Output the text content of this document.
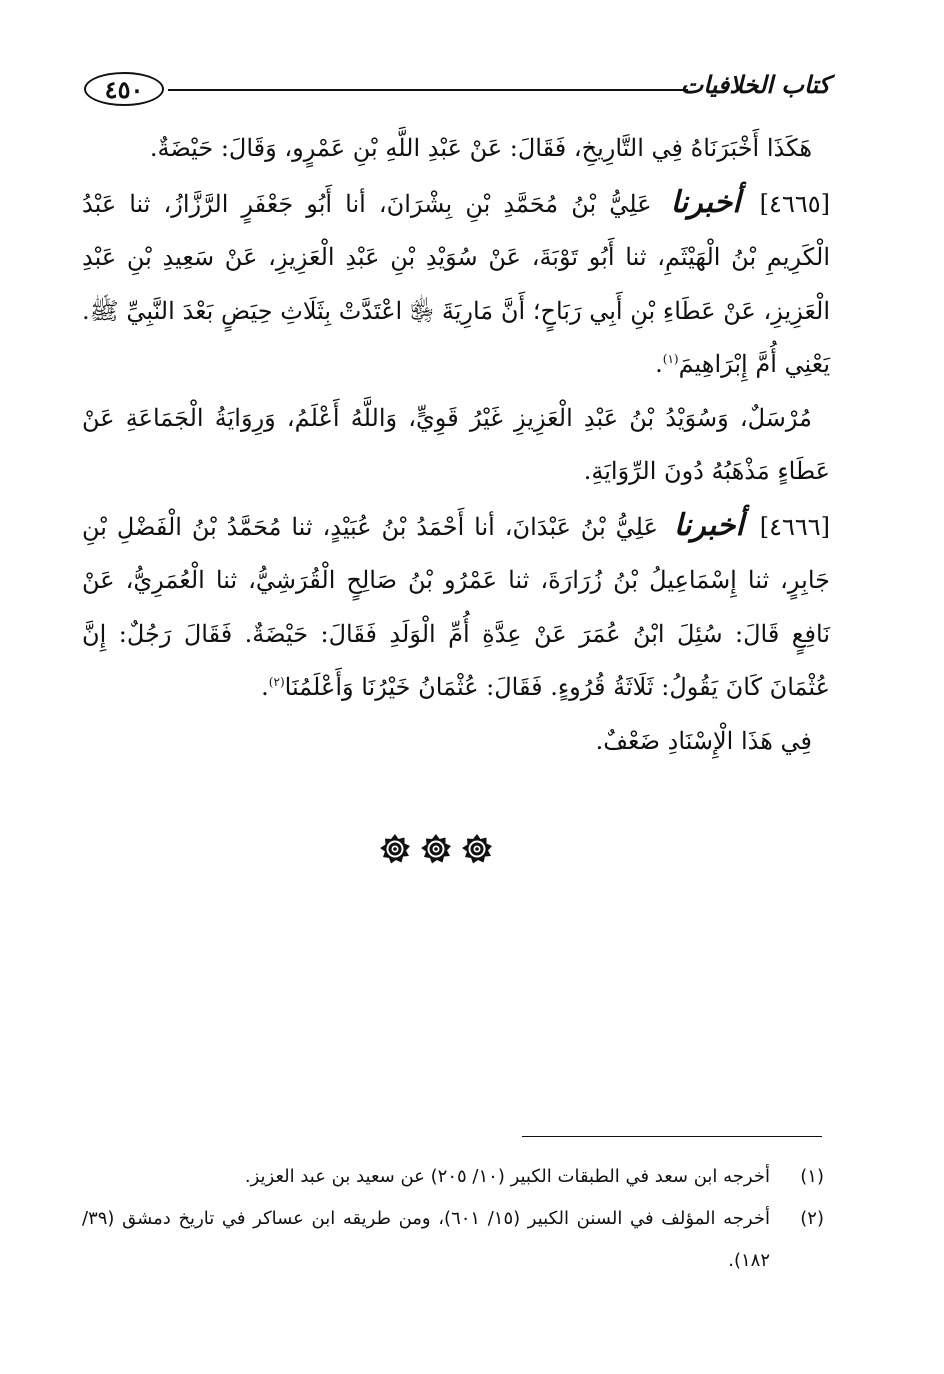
٤٥٠	كتاب الخلافيات

هَكَذَا أَخْبَرَنَاهُ فِي التَّارِيخِ، فَقَالَ: عَنْ عَبْدِ اللَّهِ بْنِ عَمْرٍو، وَقَالَ: حَيْضَةٌ.

[٤٦٦٥] أخبرنا عَلِيُّ بْنُ مُحَمَّدِ بْنِ بِشْرَانَ، أنا أَبُو جَعْفَرٍ الرَّزَّازُ، ثنا عَبْدُ الْكَرِيمِ بْنُ الْهَيْثَمِ، ثنا أَبُو تَوْبَةَ، عَنْ سُوَيْدِ بْنِ عَبْدِ الْعَزِيزِ، عَنْ سَعِيدِ بْنِ عَبْدِ الْعَزِيزِ، عَنْ عَطَاءِ بْنِ أَبِي رَبَاحٍ؛ أَنَّ مَارِيَةَ ﵂ اعْتَدَّتْ بِثَلَاثِ حِيَضٍ بَعْدَ النَّبِيِّ ﷺ. يَعْنِي أُمَّ إِبْرَاهِيمَ$^{(١)}$.

مُرْسَلٌ، وَسُوَيْدُ بْنُ عَبْدِ الْعَزِيزِ غَيْرُ قَوِيٍّ، وَاللَّهُ أَعْلَمُ، وَرِوَايَةُ الْجَمَاعَةِ عَنْ عَطَاءٍ مَذْهَبُهُ دُونَ الرِّوَايَةِ.

[٤٦٦٦] أخبرنا عَلِيُّ بْنُ عَبْدَانَ، أنا أَحْمَدُ بْنُ عُبَيْدٍ، ثنا مُحَمَّدُ بْنُ الْفَضْلِ بْنِ جَابِرٍ، ثنا إِسْمَاعِيلُ بْنُ زُرَارَةَ، ثنا عَمْرُو بْنُ صَالِحٍ الْقُرَشِيُّ، ثنا الْعُمَرِيُّ، عَنْ نَافِعٍ قَالَ: سُئِلَ ابْنُ عُمَرَ عَنْ عِدَّةِ أُمِّ الْوَلَدِ فَقَالَ: حَيْضَةٌ. فَقَالَ رَجُلٌ: إِنَّ عُثْمَانَ كَانَ يَقُولُ: ثَلَاثَةُ قُرُوءٍ. فَقَالَ: عُثْمَانُ خَيْرُنَا وَأَعْلَمُنَا$^{(٢)}$.

فِي هَذَا الْإِسْنَادِ ضَعْفٌ.

(١)
أخرجه ابن سعد في الطبقات الكبير (١٠/ ٢٠٥) عن سعيد بن عبد العزيز.
(٢)
أخرجه المؤلف في السنن الكبير (١٥/ ٦٠١)، ومن طريقه ابن عساكر في تاريخ دمشق (٣٩/ ١٨٢).
